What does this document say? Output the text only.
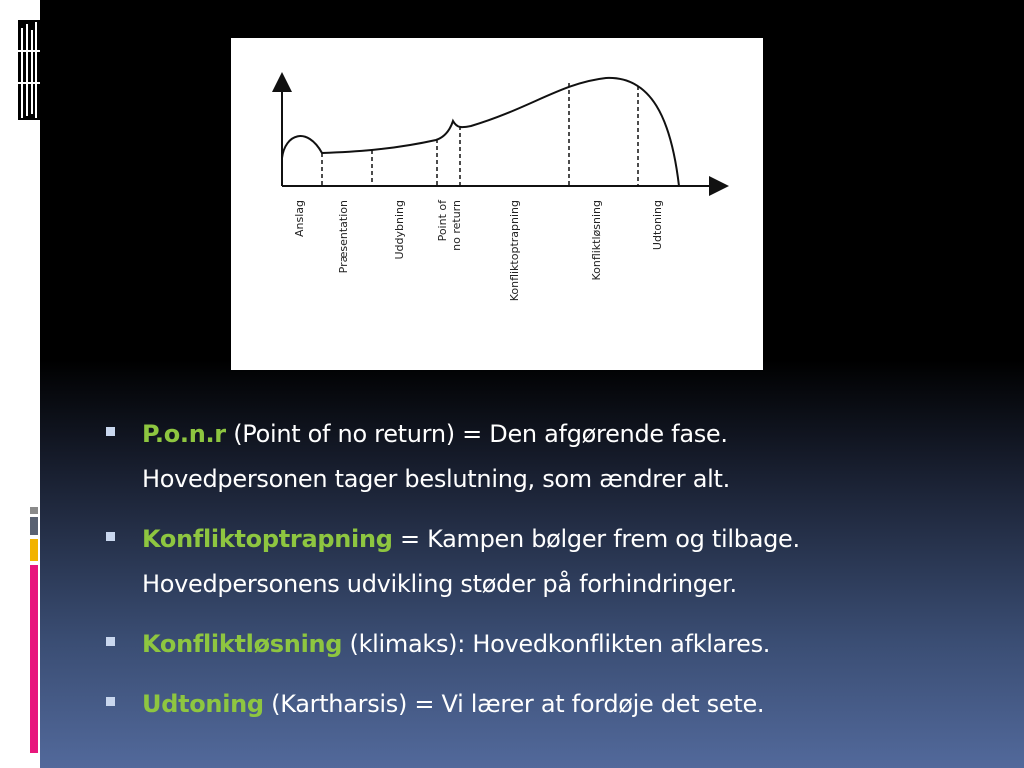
Anslag	Præsentation	Uddybning	Point of no return	Konfliktoptrapning	Konfliktløsning	Udtoning
P.o.n.r (Point of no return) = Den afgørende fase.
Hovedpersonen tager beslutning, som ændrer alt.
Konfliktoptrapning = Kampen bølger frem og tilbage.
Hovedpersonens udvikling støder på forhindringer.
Konfliktløsning (klimaks): Hovedkonflikten afklares.
Udtoning (Kartharsis) = Vi lærer at fordøje det sete.
